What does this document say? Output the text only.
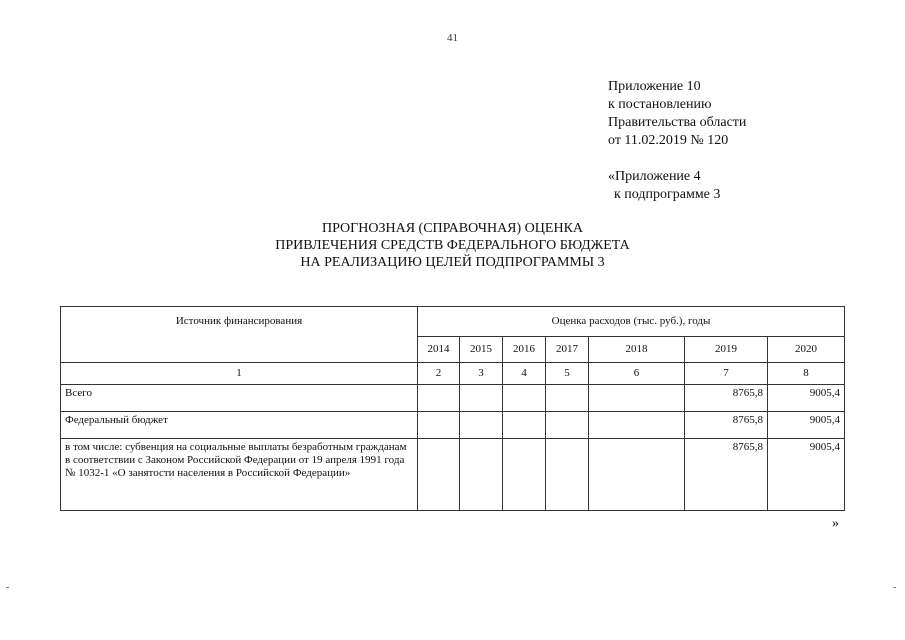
41
Приложение 10
к постановлению
Правительства области
от 11.02.2019 № 120
«Приложение 4
к подпрограмме 3
ПРОГНОЗНАЯ (СПРАВОЧНАЯ) ОЦЕНКА
ПРИВЛЕЧЕНИЯ СРЕДСТВ ФЕДЕРАЛЬНОГО БЮДЖЕТА
НА РЕАЛИЗАЦИЮ ЦЕЛЕЙ ПОДПРОГРАММЫ 3
Источник финансирования	Оценка расходов (тыс. руб.), годы						
	2014	2015	2016	2017	2018	2019	2020
1	2	3	4	5	6	7	8
Всего						8765,8	9005,4
Федеральный бюджет						8765,8	9005,4
в том числе: субвенция на социальные выплаты безработным гражданам в соответствии с Законом Российской Федерации от 19 апреля 1991 года № 1032-1 «О занятости населения в Российской Федерации»						8765,8	9005,4
»
-	-
